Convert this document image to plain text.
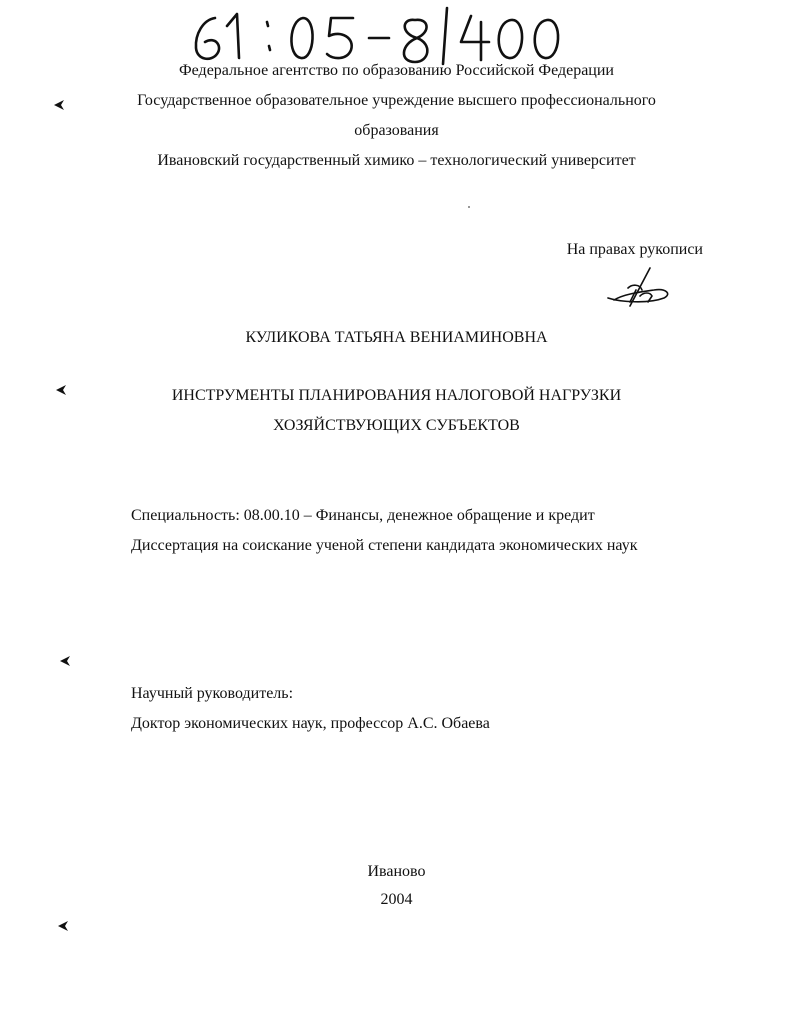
Федеральное агентство по образованию Российской Федерации
Государственное образовательное учреждение высшего профессионального
образования
Ивановский государственный химико – технологический университет
На правах рукописи
КУЛИКОВА ТАТЬЯНА ВЕНИАМИНОВНА
ИНСТРУМЕНТЫ ПЛАНИРОВАНИЯ НАЛОГОВОЙ НАГРУЗКИ
ХОЗЯЙСТВУЮЩИХ СУБЪЕКТОВ
Специальность: 08.00.10 – Финансы, денежное обращение и кредит
Диссертация на соискание ученой степени кандидата экономических наук
Научный руководитель:
Доктор экономических наук, профессор А.С. Обаева
Иваново
2004
